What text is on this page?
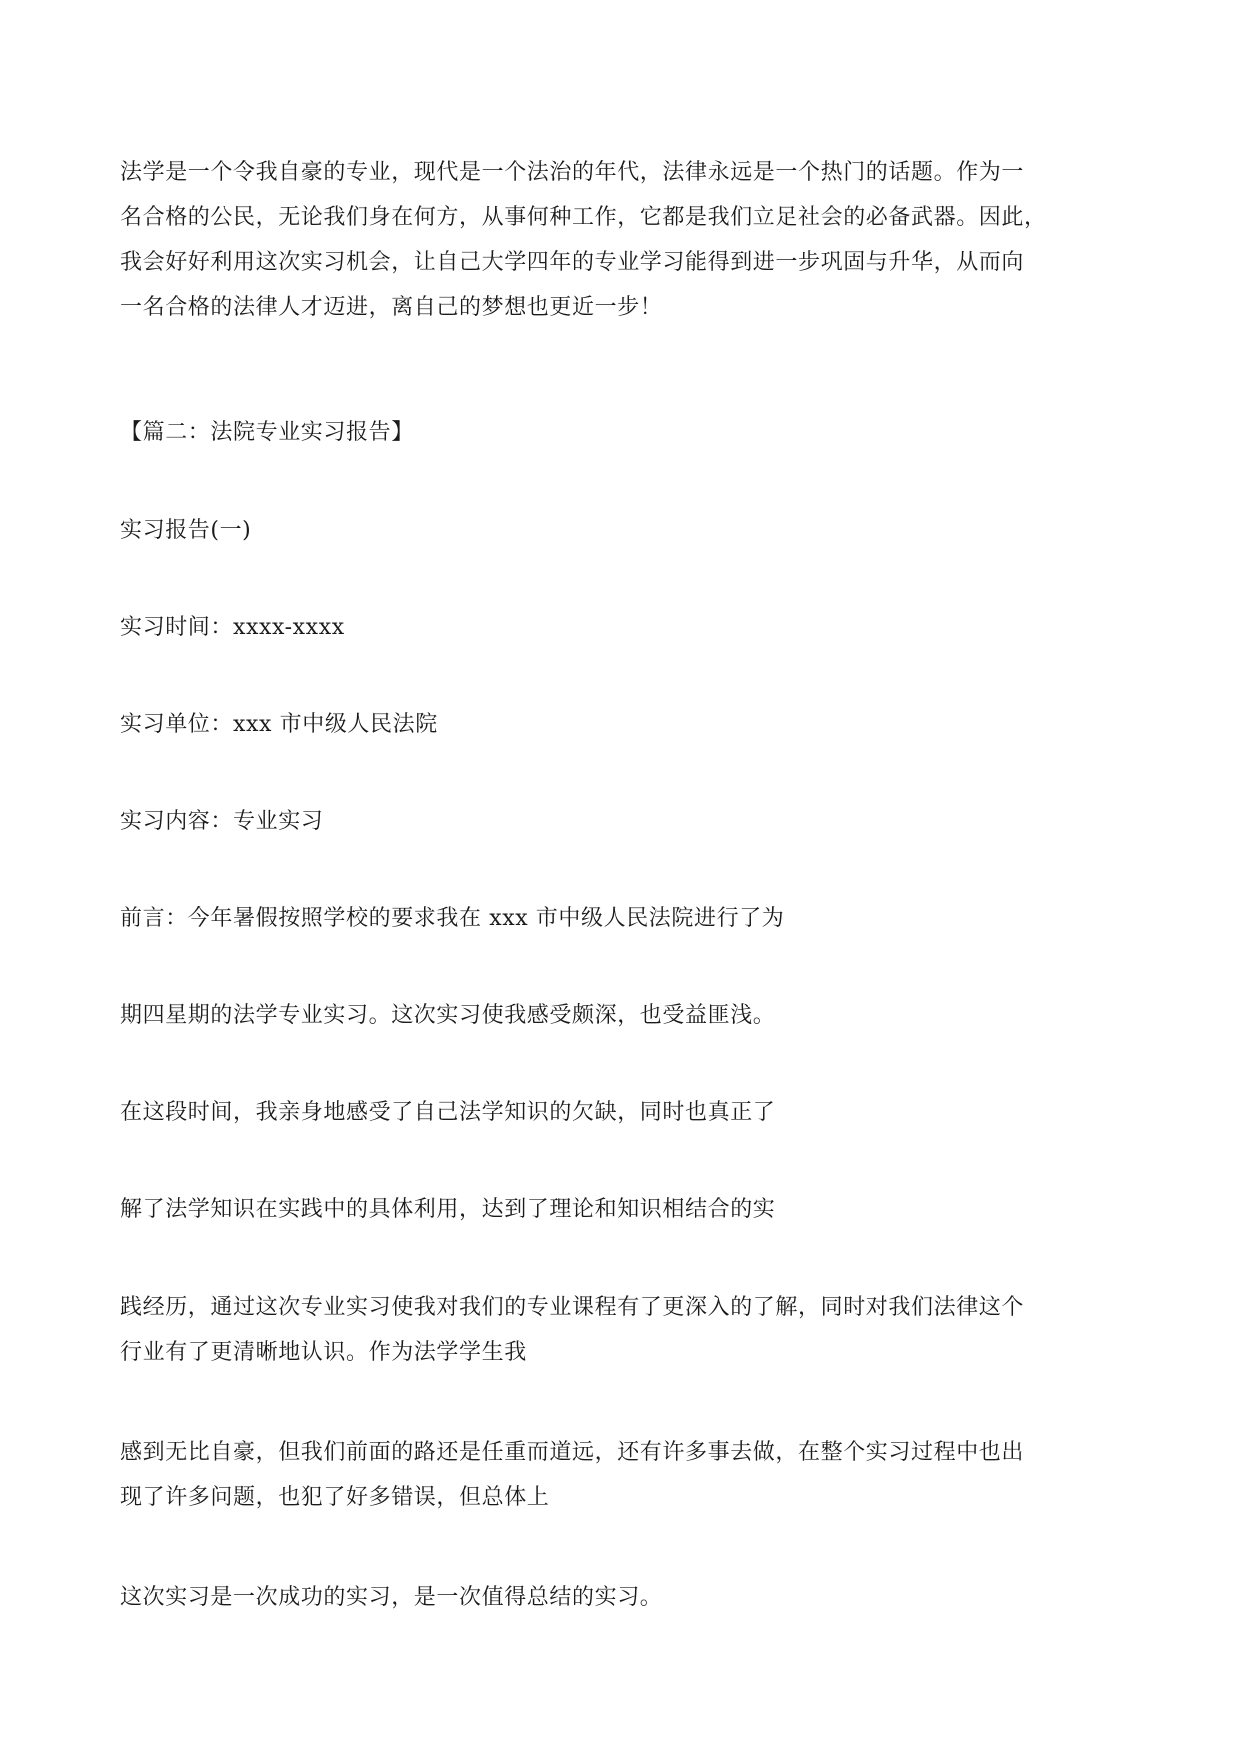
法学是一个令我自豪的专业，现代是一个法治的年代，法律永远是一个热门的话题。作为一
名合格的公民，无论我们身在何方，从事何种工作，它都是我们立足社会的必备武器。因此，
我会好好利用这次实习机会，让自己大学四年的专业学习能得到进一步巩固与升华，从而向
一名合格的法律人才迈进，离自己的梦想也更近一步！
【篇二：法院专业实习报告】
实习报告(一)
实习时间：xxxx-xxxx
实习单位：xxx 市中级人民法院
实习内容：专业实习
前言：今年暑假按照学校的要求我在 xxx 市中级人民法院进行了为
期四星期的法学专业实习。这次实习使我感受颇深，也受益匪浅。
在这段时间，我亲身地感受了自己法学知识的欠缺，同时也真正了
解了法学知识在实践中的具体利用，达到了理论和知识相结合的实
践经历，通过这次专业实习使我对我们的专业课程有了更深入的了解，同时对我们法律这个
行业有了更清晰地认识。作为法学学生我
感到无比自豪，但我们前面的路还是任重而道远，还有许多事去做，在整个实习过程中也出
现了许多问题，也犯了好多错误，但总体上
这次实习是一次成功的实习，是一次值得总结的实习。
